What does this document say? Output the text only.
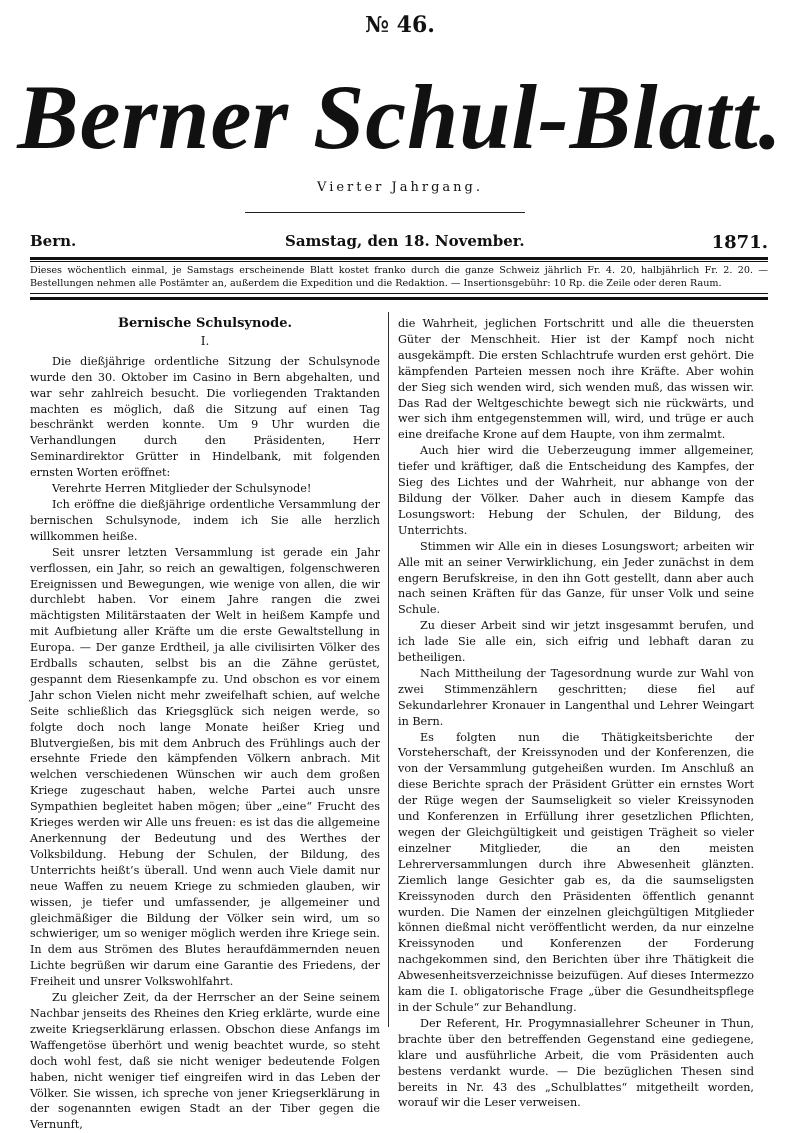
№ 46.
Berner Schul-Blatt.
Vierter Jahrgang.
Bern.	Samstag, den 18. November.	1871.
Dieses wöchentlich einmal, je Samstags erscheinende Blatt kostet franko durch die ganze Schweiz jährlich Fr. 4. 20, halbjährlich Fr. 2. 20. — Bestellungen nehmen alle Postämter an, außerdem die Expedition und die Redaktion. — Insertionsgebühr: 10 Rp. die Zeile oder deren Raum.
Bernische Schulsynode.
I.

Die dießjährige ordentliche Sitzung der Schulsynode wurde den 30. Oktober im Casino in Bern abgehalten, und war sehr zahlreich besucht. Die vorliegenden Traktanden machten es möglich, daß die Sitzung auf einen Tag beschränkt werden konnte. Um 9 Uhr wurden die Verhandlungen durch den Präsidenten, Herr Seminardirektor Grütter in Hindelbank, mit folgenden ernsten Worten eröffnet:

Verehrte Herren Mitglieder der Schulsynode!

Ich eröffne die dießjährige ordentliche Versammlung der bernischen Schulsynode, indem ich Sie alle herzlich willkommen heiße.

Seit unsrer letzten Versammlung ist gerade ein Jahr verflossen, ein Jahr, so reich an gewaltigen, folgenschweren Ereignissen und Bewegungen, wie wenige von allen, die wir durchlebt haben. Vor einem Jahre rangen die zwei mächtigsten Militärstaaten der Welt in heißem Kampfe und mit Aufbietung aller Kräfte um die erste Gewaltstellung in Europa. — Der ganze Erdtheil, ja alle civilisirten Völker des Erdballs schauten, selbst bis an die Zähne gerüstet, gespannt dem Riesenkampfe zu. Und obschon es vor einem Jahr schon Vielen nicht mehr zweifelhaft schien, auf welche Seite schließlich das Kriegsglück sich neigen werde, so folgte doch noch lange Monate heißer Krieg und Blutvergießen, bis mit dem Anbruch des Frühlings auch der ersehnte Friede den kämpfenden Völkern anbrach. Mit welchen verschiedenen Wünschen wir auch dem großen Kriege zugeschaut haben, welche Partei auch unsre Sympathien begleitet haben mögen; über „eine“ Frucht des Krieges werden wir Alle uns freuen: es ist das die allgemeine Anerkennung der Bedeutung und des Werthes der Volksbildung. Hebung der Schulen, der Bildung, des Unterrichts heißt’s überall. Und wenn auch Viele damit nur neue Waffen zu neuem Kriege zu schmieden glauben, wir wissen, je tiefer und umfassender, je allgemeiner und gleichmäßiger die Bildung der Völker sein wird, um so schwieriger, um so weniger möglich werden ihre Kriege sein. In dem aus Strömen des Blutes heraufdämmernden neuen Lichte begrüßen wir darum eine Garantie des Friedens, der Freiheit und unsrer Volkswohlfahrt.

Zu gleicher Zeit, da der Herrscher an der Seine seinem Nachbar jenseits des Rheines den Krieg erklärte, wurde eine zweite Kriegserklärung erlassen. Obschon diese Anfangs im Waffengetöse überhört und wenig beachtet wurde, so steht doch wohl fest, daß sie nicht weniger bedeutende Folgen haben, nicht weniger tief eingreifen wird in das Leben der Völker. Sie wissen, ich spreche von jener Kriegserklärung in der sogenannten ewigen Stadt an der Tiber gegen die Vernunft,

die Wahrheit, jeglichen Fortschritt und alle die theuersten Güter der Menschheit. Hier ist der Kampf noch nicht ausgekämpft. Die ersten Schlachtrufe wurden erst gehört. Die kämpfenden Parteien messen noch ihre Kräfte. Aber wohin der Sieg sich wenden wird, sich wenden muß, das wissen wir. Das Rad der Weltgeschichte bewegt sich nie rückwärts, und wer sich ihm entgegenstemmen will, wird, und trüge er auch eine dreifache Krone auf dem Haupte, von ihm zermalmt.

Auch hier wird die Ueberzeugung immer allgemeiner, tiefer und kräftiger, daß die Entscheidung des Kampfes, der Sieg des Lichtes und der Wahrheit, nur abhange von der Bildung der Völker. Daher auch in diesem Kampfe das Losungswort: Hebung der Schulen, der Bildung, des Unterrichts.

Stimmen wir Alle ein in dieses Losungswort; arbeiten wir Alle mit an seiner Verwirklichung, ein Jeder zunächst in dem engern Berufskreise, in den ihn Gott gestellt, dann aber auch nach seinen Kräften für das Ganze, für unser Volk und seine Schule.

Zu dieser Arbeit sind wir jetzt insgesammt berufen, und ich lade Sie alle ein, sich eifrig und lebhaft daran zu betheiligen.

Nach Mittheilung der Tagesordnung wurde zur Wahl von zwei Stimmenzählern geschritten; diese fiel auf Sekundarlehrer Kronauer in Langenthal und Lehrer Weingart in Bern.

Es folgten nun die Thätigkeitsberichte der Vorsteherschaft, der Kreissynoden und der Konferenzen, die von der Versammlung gutgeheißen wurden. Im Anschluß an diese Berichte sprach der Präsident Grütter ein ernstes Wort der Rüge wegen der Saumseligkeit so vieler Kreissynoden und Konferenzen in Erfüllung ihrer gesetzlichen Pflichten, wegen der Gleichgültigkeit und geistigen Trägheit so vieler einzelner Mitglieder, die an den meisten Lehrerversammlungen durch ihre Abwesenheit glänzten. Ziemlich lange Gesichter gab es, da die saumseligsten Kreissynoden durch den Präsidenten öffentlich genannt wurden. Die Namen der einzelnen gleichgültigen Mitglieder können dießmal nicht veröffentlicht werden, da nur einzelne Kreissynoden und Konferenzen der Forderung nachgekommen sind, den Berichten über ihre Thätigkeit die Abwesenheitsverzeichnisse beizufügen. Auf dieses Intermezzo kam die I. obligatorische Frage „über die Gesundheitspflege in der Schule“ zur Behandlung.

Der Referent, Hr. Progymnasiallehrer Scheuner in Thun, brachte über den betreffenden Gegenstand eine gediegene, klare und ausführliche Arbeit, die vom Präsidenten auch bestens verdankt wurde. — Die bezüglichen Thesen sind bereits in Nr. 43 des „Schulblattes“ mitgetheilt worden, worauf wir die Leser verweisen.
